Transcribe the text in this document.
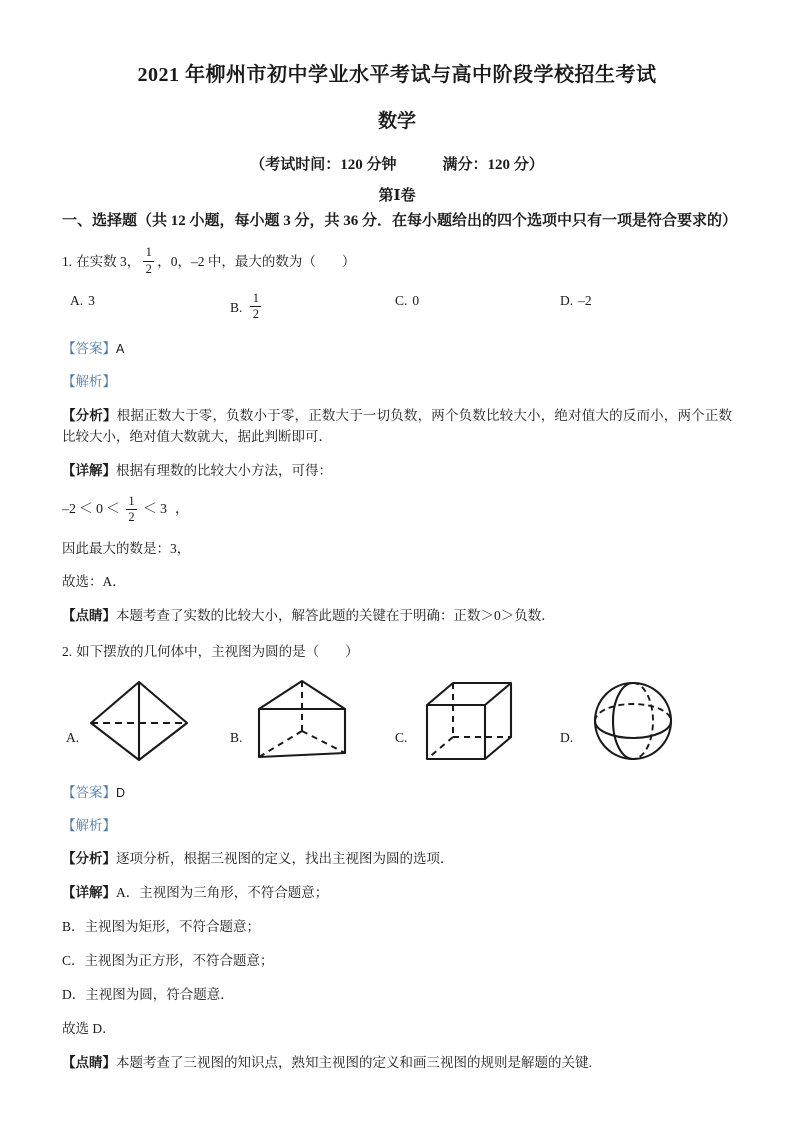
2021 年柳州市初中学业水平考试与高中阶段学校招生考试
数学
（考试时间：120 分钟	满分：120 分）
第Ⅰ卷
一、选择题（共 12 小题，每小题 3 分，共 36 分．在每小题给出的四个选项中只有一项是符合要求的）
1. 在实数 3， $\frac{1}{2}$ ，0，–2 中，最大的数为（ ）
A. 3	B. $\frac{1}{2}$	C. 0	D. –2
【答案】A
【解析】
【分析】根据正数大于零，负数小于零，正数大于一切负数，两个负数比较大小，绝对值大的反而小，两个正数比较大小，绝对值大数就大，据此判断即可．
【详解】根据有理数的比较大小方法，可得：
$-2 < 0 < \frac{1}{2} < 3$ ，
因此最大的数是：3，
故选：A．
【点睛】本题考查了实数的比较大小，解答此题的关键在于明确：正数＞0＞负数．
2. 如下摆放的几何体中，主视图为圆的是（ ）
A.	B.	C.	D.
【答案】D
【解析】
【分析】逐项分析，根据三视图的定义，找出主视图为圆的选项．
【详解】A．主视图为三角形，不符合题意；
B．主视图为矩形，不符合题意；
C．主视图为正方形，不符合题意；
D．主视图为圆，符合题意．
故选 D．
【点睛】本题考查了三视图的知识点，熟知主视图的定义和画三视图的规则是解题的关键.
